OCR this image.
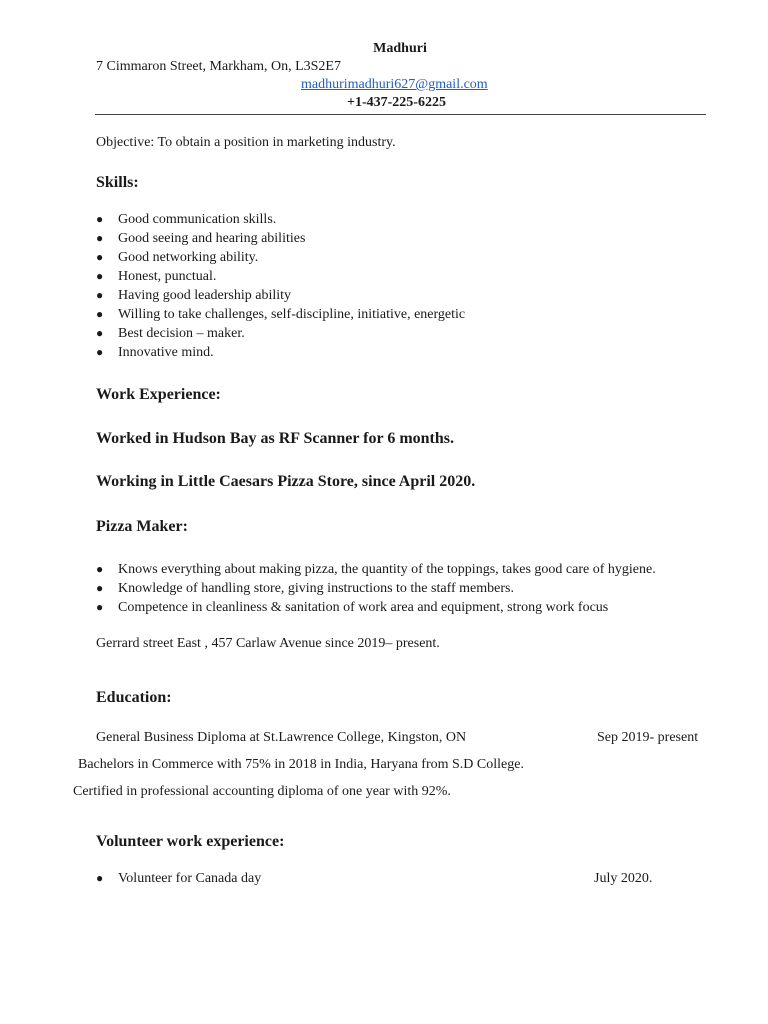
Madhuri
7 Cimmaron Street, Markham, On, L3S2E7
madhurimadhuri627@gmail.com
+1-437-225-6225
Objective: To obtain a position in marketing industry.
Skills:
● Good communication skills.
● Good seeing and hearing abilities
● Good networking ability.
● Honest, punctual.
● Having good leadership ability
● Willing to take challenges, self-discipline, initiative, energetic
● Best decision – maker.
● Innovative mind.
Work Experience:
Worked in Hudson Bay as RF Scanner for 6 months.
Working in Little Caesars Pizza Store, since April 2020.
Pizza Maker:
● Knows everything about making pizza, the quantity of the toppings, takes good care of hygiene.
● Knowledge of handling store, giving instructions to the staff members.
● Competence in cleanliness & sanitation of work area and equipment, strong work focus
Gerrard street East , 457 Carlaw Avenue since 2019– present.
Education:
General Business Diploma at St.Lawrence College, Kingston, ON	Sep 2019- present
Bachelors in Commerce with 75% in 2018 in India, Haryana from S.D College.
Certified in professional accounting diploma of one year with 92%.
Volunteer work experience:
● Volunteer for Canada day	July 2020.
